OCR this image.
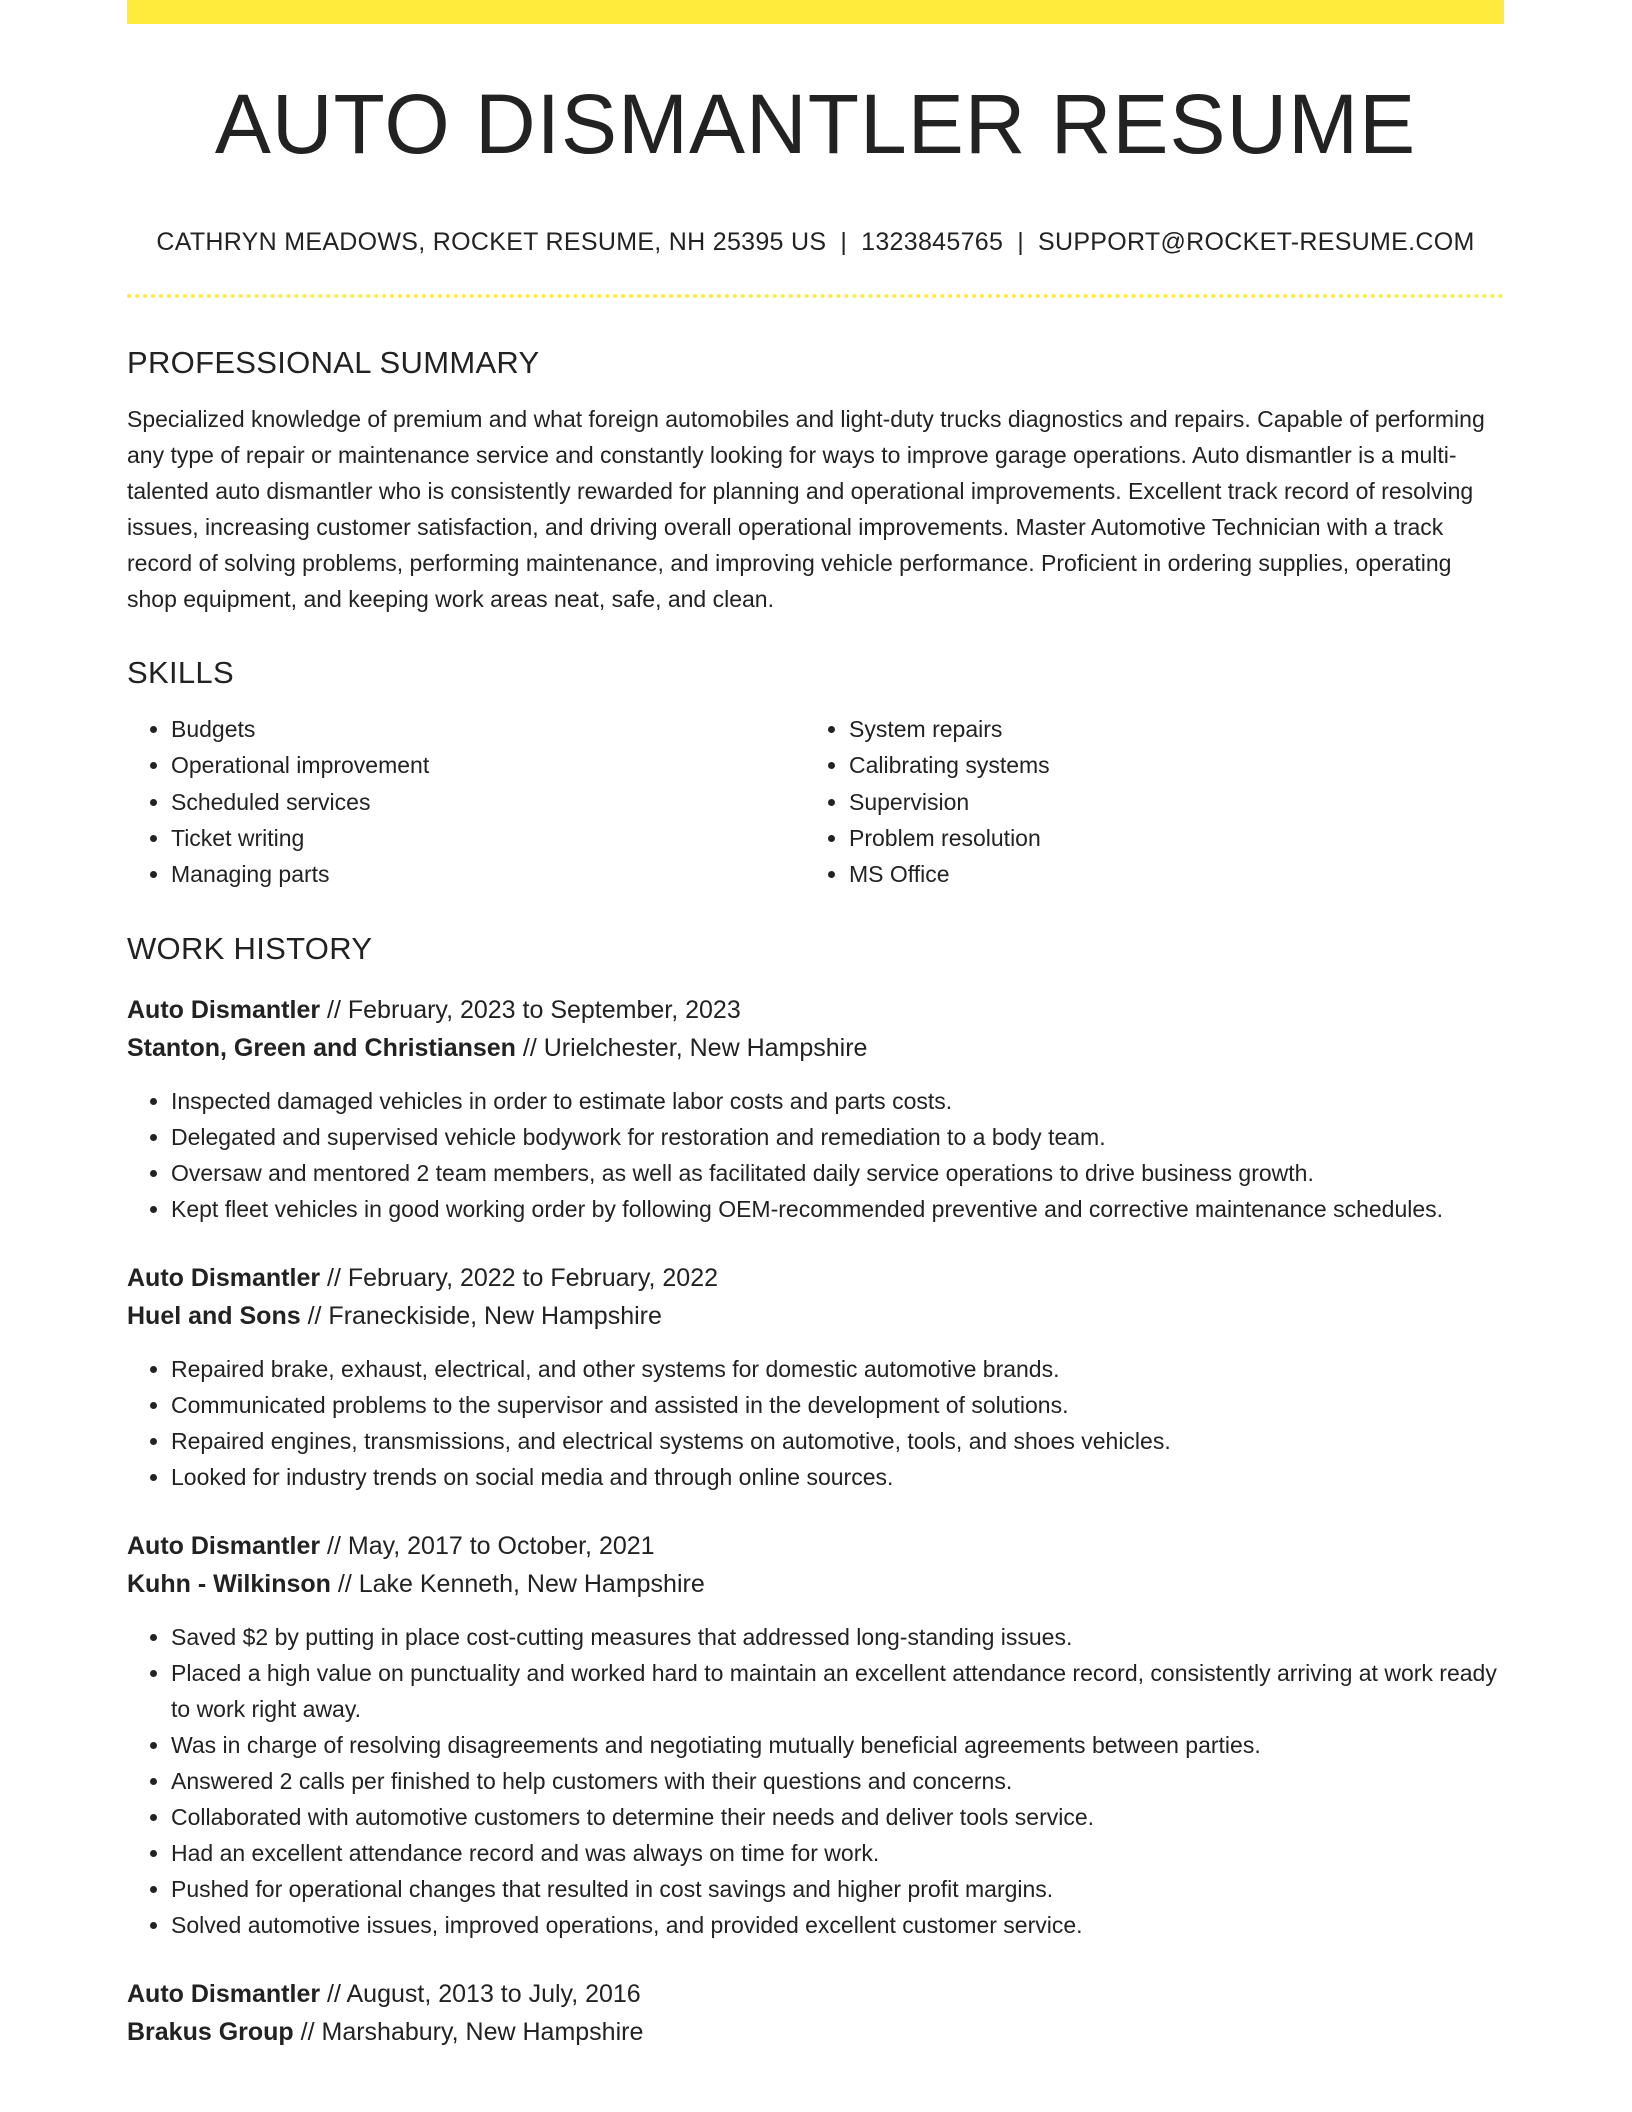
AUTO DISMANTLER RESUME
CATHRYN MEADOWS, ROCKET RESUME, NH 25395 US | 1323845765 | SUPPORT@ROCKET-RESUME.COM
PROFESSIONAL SUMMARY

Specialized knowledge of premium and what foreign automobiles and light-duty trucks diagnostics and repairs. Capable of performing any type of repair or maintenance service and constantly looking for ways to improve garage operations. Auto dismantler is a multi-talented auto dismantler who is consistently rewarded for planning and operational improvements. Excellent track record of resolving issues, increasing customer satisfaction, and driving overall operational improvements. Master Automotive Technician with a track record of solving problems, performing maintenance, and improving vehicle performance. Proficient in ordering supplies, operating shop equipment, and keeping work areas neat, safe, and clean.

SKILLS
• Budgets
• Operational improvement
• Scheduled services
• Ticket writing
• Managing parts
• System repairs
• Calibrating systems
• Supervision
• Problem resolution
• MS Office
WORK HISTORY
Auto Dismantler // February, 2023 to September, 2023
Stanton, Green and Christiansen // Urielchester, New Hampshire
• Inspected damaged vehicles in order to estimate labor costs and parts costs.
• Delegated and supervised vehicle bodywork for restoration and remediation to a body team.
• Oversaw and mentored 2 team members, as well as facilitated daily service operations to drive business growth.
• Kept fleet vehicles in good working order by following OEM-recommended preventive and corrective maintenance schedules.
Auto Dismantler // February, 2022 to February, 2022
Huel and Sons // Franeckiside, New Hampshire
• Repaired brake, exhaust, electrical, and other systems for domestic automotive brands.
• Communicated problems to the supervisor and assisted in the development of solutions.
• Repaired engines, transmissions, and electrical systems on automotive, tools, and shoes vehicles.
• Looked for industry trends on social media and through online sources.
Auto Dismantler // May, 2017 to October, 2021
Kuhn - Wilkinson // Lake Kenneth, New Hampshire
• Saved $2 by putting in place cost-cutting measures that addressed long-standing issues.
• Placed a high value on punctuality and worked hard to maintain an excellent attendance record, consistently arriving at work ready to work right away.
• Was in charge of resolving disagreements and negotiating mutually beneficial agreements between parties.
• Answered 2 calls per finished to help customers with their questions and concerns.
• Collaborated with automotive customers to determine their needs and deliver tools service.
• Had an excellent attendance record and was always on time for work.
• Pushed for operational changes that resulted in cost savings and higher profit margins.
• Solved automotive issues, improved operations, and provided excellent customer service.
Auto Dismantler // August, 2013 to July, 2016
Brakus Group // Marshabury, New Hampshire
